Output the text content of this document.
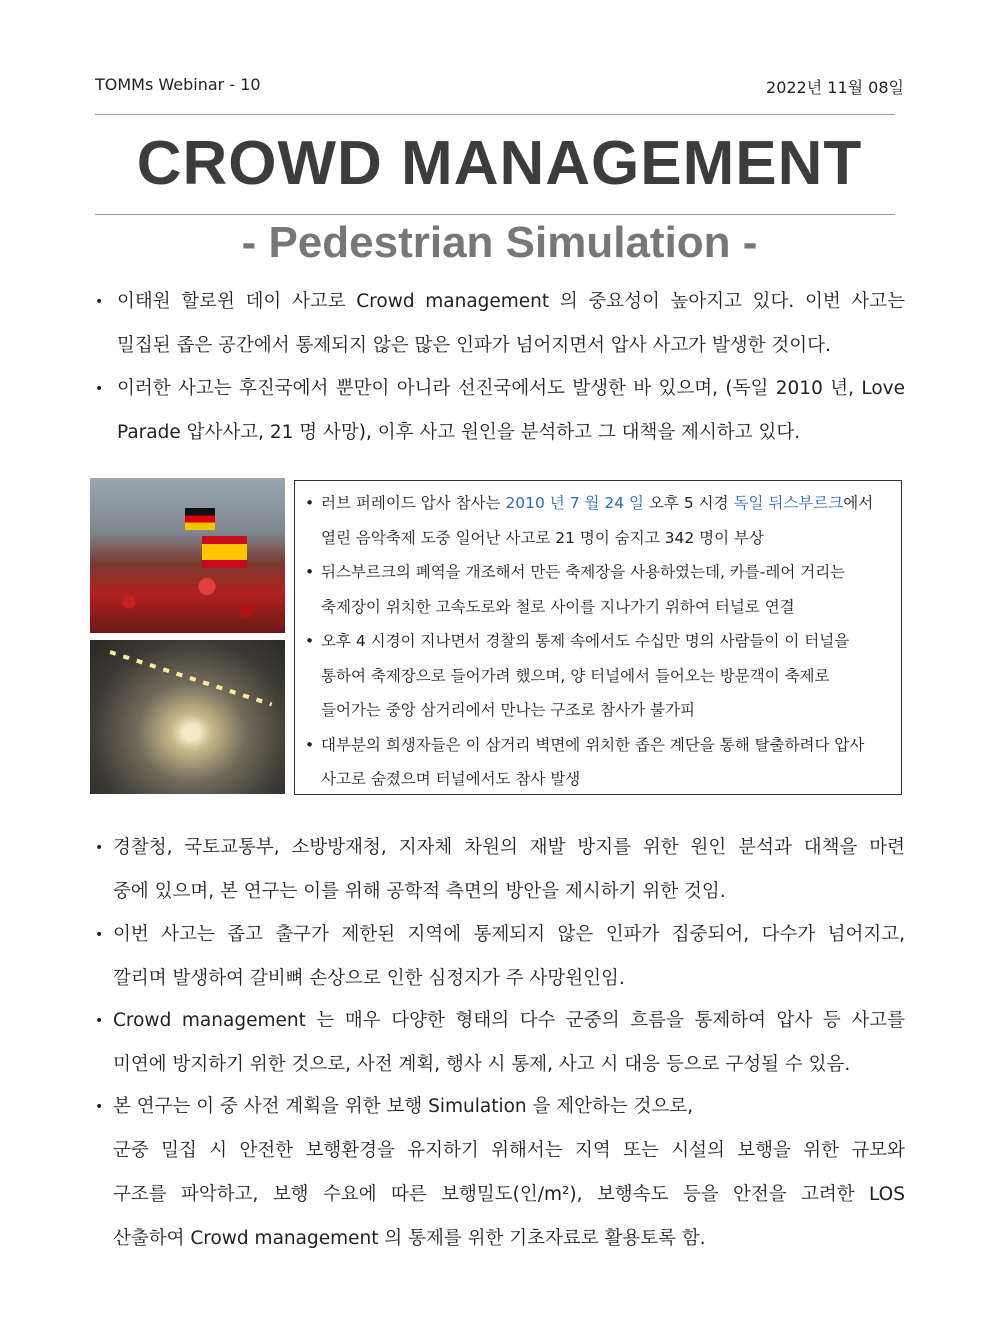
TOMMs Webinar - 10	2022년 11월 08일
CROWD MANAGEMENT
- Pedestrian Simulation -
• 이태원 할로윈 데이 사고로 Crowd management 의 중요성이 높아지고 있다. 이번 사고는
밀집된 좁은 공간에서 통제되지 않은 많은 인파가 넘어지면서 압사 사고가 발생한 것이다.
• 이러한 사고는 후진국에서 뿐만이 아니라 선진국에서도 발생한 바 있으며, (독일 2010 년, Love
Parade 압사사고, 21 명 사망), 이후 사고 원인을 분석하고 그 대책을 제시하고 있다.
• 러브 퍼레이드 압사 참사는 2010 년 7 월 24 일 오후 5 시경 독일 뒤스부르크에서
열린 음악축제 도중 일어난 사고로 21 명이 숨지고 342 명이 부상
• 뒤스부르크의 폐역을 개조해서 만든 축제장을 사용하였는데, 카를-레어 거리는
축제장이 위치한 고속도로와 철로 사이를 지나가기 위하여 터널로 연결
• 오후 4 시경이 지나면서 경찰의 통제 속에서도 수십만 명의 사람들이 이 터널을
통하여 축제장으로 들어가려 했으며, 양 터널에서 들어오는 방문객이 축제로
들어가는 중앙 삼거리에서 만나는 구조로 참사가 불가피
• 대부분의 희생자들은 이 삼거리 벽면에 위치한 좁은 계단을 통해 탈출하려다 압사
사고로 숨졌으며 터널에서도 참사 발생
• 경찰청, 국토교통부, 소방방재청, 지자체 차원의 재발 방지를 위한 원인 분석과 대책을 마련
중에 있으며, 본 연구는 이를 위해 공학적 측면의 방안을 제시하기 위한 것임.
• 이번 사고는 좁고 출구가 제한된 지역에 통제되지 않은 인파가 집중되어, 다수가 넘어지고,
깔리며 발생하여 갈비뼈 손상으로 인한 심정지가 주 사망원인임.
• Crowd management 는 매우 다양한 형태의 다수 군중의 흐름을 통제하여 압사 등 사고를
미연에 방지하기 위한 것으로, 사전 계획, 행사 시 통제, 사고 시 대응 등으로 구성될 수 있음.
• 본 연구는 이 중 사전 계획을 위한 보행 Simulation 을 제안하는 것으로,
군중 밀집 시 안전한 보행환경을 유지하기 위해서는 지역 또는 시설의 보행을 위한 규모와
구조를 파악하고, 보행 수요에 따른 보행밀도(인/m²), 보행속도 등을 안전을 고려한 LOS
산출하여 Crowd management 의 통제를 위한 기초자료로 활용토록 함.
